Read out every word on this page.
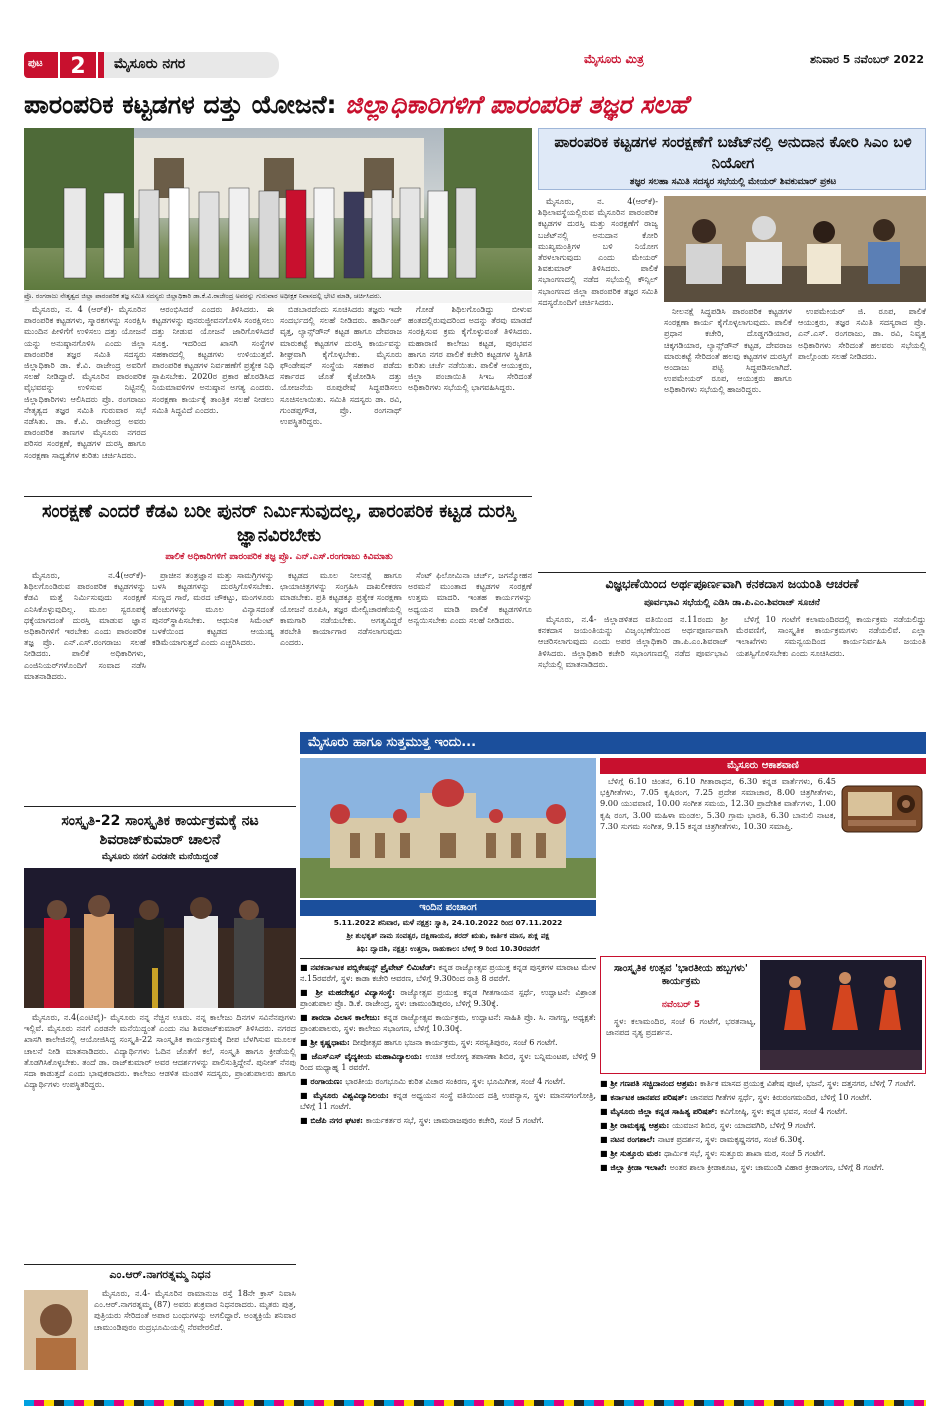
ಪುಟ	2	ಮೈಸೂರು ನಗರ	ಮೈಸೂರು ಮಿತ್ರ	ಶನಿವಾರ 5 ನವೆಂಬರ್ 2022
ಪಾರಂಪರಿಕ ಕಟ್ಟಡಗಳ ದತ್ತು ಯೋಜನೆ: ಜಿಲ್ಲಾಧಿಕಾರಿಗಳಿಗೆ ಪಾರಂಪರಿಕ ತಜ್ಞರ ಸಲಹೆ
ಪ್ರೊ. ರಂಗರಾಜು ನೇತೃತ್ವದ ಜಿಲ್ಲಾ ಪಾರಂಪರಿಕ ತಜ್ಞ ಸಮಿತಿ ಸದಸ್ಯರು ಜಿಲ್ಲಾಧಿಕಾರಿ ಡಾ.ಕೆ.ವಿ.ರಾಜೇಂದ್ರ ಅವರನ್ನು ಗುರುವಾರ ಅಧೀಕ್ಷಕ ನಿವಾಸದಲ್ಲಿ ಭೇಟಿ ಮಾಡಿ, ಚರ್ಚಿಸಿದರು.

ಮೈಸೂರು, ನ. 4 (ಆರ್‌ಕೆ)- ಮೈಸೂರಿನ ಪಾರಂಪರಿಕ ಕಟ್ಟಡಗಳು, ಸ್ಮಾರಕಗಳನ್ನು ಸಂರಕ್ಷಿಸಿ ಮುಂದಿನ ಪೀಳಿಗೆಗೆ ಉಳಿಸಲು ದತ್ತು ಯೋಜನೆ ಯನ್ನು ಅನುಷ್ಠಾನಗೊಳಿಸಿ ಎಂದು ಜಿಲ್ಲಾ ಪಾರಂಪರಿಕ ತಜ್ಞರ ಸಮಿತಿ ಸದಸ್ಯರು ಜಿಲ್ಲಾಧಿಕಾರಿ ಡಾ. ಕೆ.ವಿ. ರಾಜೇಂದ್ರ ಅವರಿಗೆ ಸಲಹೆ ನೀಡಿದ್ದಾರೆ. ಮೈಸೂರಿನ ಪಾರಂಪರಿಕ ವೈಭವವನ್ನು ಉಳಿಸುವ ನಿಟ್ಟಿನಲ್ಲಿ ಜಿಲ್ಲಾಧಿಕಾರಿಗಳು ಆಲಿಸಿದರು ಪ್ರೊ. ರಂಗರಾಜು ನೇತೃತ್ವದ ತಜ್ಞರ ಸಮಿತಿ ಗುರುವಾರ ಸಭೆ ನಡೆಸಿತು. ಡಾ. ಕೆ.ವಿ. ರಾಜೇಂದ್ರ ಅವರು ಪಾರಂಪರಿಕ ತಾಣಗಳ ಮೈಸೂರು ನಗರದ ಪರಿಸರ ಸಂರಕ್ಷಣೆ, ಕಟ್ಟಡಗಳ ದುರಸ್ತಿ ಹಾಗೂ ಸಂರಕ್ಷಣಾ ಸಾಧ್ಯತೆಗಳ ಕುರಿತು ಚರ್ಚಿಸಿದರು.

ಆರಂಭಿಸಿದರೆ ಎಂದರು ತಿಳಿಸಿದರು. ಈ ಕಟ್ಟಡಗಳನ್ನು ಪುನರುಜ್ಜೀವನಗೊಳಿಸಿ ಸಂರಕ್ಷಿಸಲು ದತ್ತು ನೀಡುವ ಯೋಜನೆ ಜಾರಿಗೊಳಿಸಿದರೆ ಸೂಕ್ತ. ಇದರಿಂದ ಖಾಸಗಿ ಸಂಸ್ಥೆಗಳ ಸಹಕಾರದಲ್ಲಿ ಕಟ್ಟಡಗಳು ಉಳಿಯುತ್ತವೆ. ಪಾರಂಪರಿಕ ಕಟ್ಟಡಗಳ ನಿರ್ವಹಣೆಗೆ ಪ್ರತ್ಯೇಕ ನಿಧಿ ಸ್ಥಾಪಿಸಬೇಕು. 2020ರ ಪ್ರಕಾರ ಹೊರಡಿಸಿದ ನಿಯಮಾವಳಿಗಳ ಅನುಷ್ಠಾನ ಅಗತ್ಯ ಎಂದರು. ಸಂರಕ್ಷಣಾ ಕಾರ್ಯಕ್ಕೆ ತಾಂತ್ರಿಕ ಸಲಹೆ ನೀಡಲು ಸಮಿತಿ ಸಿದ್ಧವಿದೆ ಎಂದರು.

ಬಿಡಬಾರದೆಂದು ಸೂಚಿಸಿದರು ತಜ್ಞರು ಇದೇ ಸಂದರ್ಭದಲ್ಲಿ ಸಲಹೆ ನೀಡಿದರು. ಹಾರ್ಡಿಂಜ್ ವೃತ್ತ, ಲ್ಯಾನ್ಸ್‌ಡೌನ್ ಕಟ್ಟಡ ಹಾಗೂ ದೇವರಾಜ ಮಾರುಕಟ್ಟೆ ಕಟ್ಟಡಗಳ ದುರಸ್ತಿ ಕಾರ್ಯವನ್ನು ಶೀಘ್ರವಾಗಿ ಕೈಗೊಳ್ಳಬೇಕು. ಮೈಸೂರು ಫೌಂಡೇಷನ್ ಸಂಸ್ಥೆಯ ಸಹಕಾರ ಪಡೆದು ಸರ್ಕಾರದ ಜೊತೆ ಕೈಜೋಡಿಸಿ ದತ್ತು ಯೋಜನೆಯ ರೂಪುರೇಷೆ ಸಿದ್ಧಪಡಿಸಲು ಸೂಚಿಸಲಾಯಿತು. ಸಮಿತಿ ಸದಸ್ಯರು ಡಾ. ರವಿ, ಗುಂಡಪ್ಪಗೌಡ, ಪ್ರೊ. ರಂಗನಾಥ್ ಉಪಸ್ಥಿತರಿದ್ದರು.

ಗೋಡೆ ಶಿಥಿಲಗೊಂಡಿದ್ದು ಬೀಳುವ ಹಂತದಲ್ಲಿರುವುದರಿಂದ ಅದನ್ನು ತೆರವು ಮಾಡದೆ ಸಂರಕ್ಷಿಸುವ ಕ್ರಮ ಕೈಗೊಳ್ಳುವಂತೆ ತಿಳಿಸಿದರು. ಮಹಾರಾಣಿ ಕಾಲೇಜು ಕಟ್ಟಡ, ಪುರಭವನ ಹಾಗೂ ನಗರ ಪಾಲಿಕೆ ಕಚೇರಿ ಕಟ್ಟಡಗಳ ಸ್ಥಿತಿಗತಿ ಕುರಿತು ಚರ್ಚೆ ನಡೆಯಿತು. ಪಾಲಿಕೆ ಆಯುಕ್ತರು, ಜಿಲ್ಲಾ ಪಂಚಾಯಿತಿ ಸಿಇಒ ಸೇರಿದಂತೆ ಅಧಿಕಾರಿಗಳು ಸಭೆಯಲ್ಲಿ ಭಾಗವಹಿಸಿದ್ದರು.

ಪಾರಂಪರಿಕ ಕಟ್ಟಡಗಳ ಸಂರಕ್ಷಣೆಗೆ ಬಜೆಟ್‌ನಲ್ಲಿ ಅನುದಾನ ಕೋರಿ ಸಿಎಂ ಬಳಿ ನಿಯೋಗ
ತಜ್ಞರ ಸಲಹಾ ಸಮಿತಿ ಸದಸ್ಯರ ಸಭೆಯಲ್ಲಿ ಮೇಯರ್ ಶಿವಕುಮಾರ್ ಪ್ರಕಟ

ಮೈಸೂರು, ನ. 4(ಆರ್‌ಕೆ)- ಶಿಥಿಲಾವಸ್ಥೆಯಲ್ಲಿರುವ ಮೈಸೂರಿನ ಪಾರಂಪರಿಕ ಕಟ್ಟಡಗಳ ದುರಸ್ತಿ ಮತ್ತು ಸಂರಕ್ಷಣೆಗೆ ರಾಜ್ಯ ಬಜೆಟ್‌ನಲ್ಲಿ ಅನುದಾನ ಕೋರಿ ಮುಖ್ಯಮಂತ್ರಿಗಳ ಬಳಿ ನಿಯೋಗ ತೆರಳಲಾಗುವುದು ಎಂದು ಮೇಯರ್ ಶಿವಕುಮಾರ್ ತಿಳಿಸಿದರು. ಪಾಲಿಕೆ ಸಭಾಂಗಣದಲ್ಲಿ ನಡೆದ ಸಭೆಯಲ್ಲಿ ಕೌನ್ಸಿಲ್ ಸಭಾಂಗಣದ ಜಿಲ್ಲಾ ಪಾರಂಪರಿಕ ತಜ್ಞರ ಸಮಿತಿ ಸದಸ್ಯರೊಂದಿಗೆ ಚರ್ಚಿಸಿದರು.

ನೀಲನಕ್ಷೆ ಸಿದ್ಧಪಡಿಸಿ ಪಾರಂಪರಿಕ ಕಟ್ಟಡಗಳ ಸಂರಕ್ಷಣಾ ಕಾರ್ಯ ಕೈಗೊಳ್ಳಲಾಗುವುದು. ಪಾಲಿಕೆ ಪ್ರಧಾನ ಕಚೇರಿ, ದೊಡ್ಡಗಡಿಯಾರ, ಚಿಕ್ಕಗಡಿಯಾರ, ಲ್ಯಾನ್ಸ್‌ಡೌನ್ ಕಟ್ಟಡ, ದೇವರಾಜ ಮಾರುಕಟ್ಟೆ ಸೇರಿದಂತೆ ಹಲವು ಕಟ್ಟಡಗಳ ದುರಸ್ತಿಗೆ ಅಂದಾಜು ಪಟ್ಟಿ ಸಿದ್ಧಪಡಿಸಲಾಗಿದೆ. ಉಪಮೇಯರ್ ರೂಪ, ಆಯುಕ್ತರು ಹಾಗೂ ಅಧಿಕಾರಿಗಳು ಸಭೆಯಲ್ಲಿ ಹಾಜರಿದ್ದರು.

ಉಪಮೇಯರ್ ಜಿ. ರೂಪ, ಪಾಲಿಕೆ ಆಯುಕ್ತರು, ತಜ್ಞರ ಸಮಿತಿ ಸದಸ್ಯರಾದ ಪ್ರೊ. ಎನ್.ಎಸ್. ರಂಗರಾಜು, ಡಾ. ರವಿ, ನಿವೃತ್ತ ಅಧಿಕಾರಿಗಳು ಸೇರಿದಂತೆ ಹಲವರು ಸಭೆಯಲ್ಲಿ ಪಾಲ್ಗೊಂಡು ಸಲಹೆ ನೀಡಿದರು.

ಸಂರಕ್ಷಣೆ ಎಂದರೆ ಕೆಡವಿ ಬರೀ ಪುನರ್ ನಿರ್ಮಿಸುವುದಲ್ಲ, ಪಾರಂಪರಿಕ ಕಟ್ಟಡ ದುರಸ್ತಿ ಜ್ಞಾನವಿರಬೇಕು
ಪಾಲಿಕೆ ಅಧಿಕಾರಿಗಳಿಗೆ ಪಾರಂಪರಿಕ ತಜ್ಞ ಪ್ರೊ. ಎನ್.ಎಸ್.ರಂಗರಾಜು ಕಿವಿಮಾತು

ಮೈಸೂರು, ನ.4(ಆರ್‌ಕೆ)- ಶಿಥಿಲಗೊಂಡಿರುವ ಪಾರಂಪರಿಕ ಕಟ್ಟಡಗಳನ್ನು ಕೆಡವಿ ಮತ್ತೆ ನಿರ್ಮಿಸುವುದು ಸಂರಕ್ಷಣೆ ಎನಿಸಿಕೊಳ್ಳುವುದಿಲ್ಲ. ಮೂಲ ಸ್ವರೂಪಕ್ಕೆ ಧಕ್ಕೆಯಾಗದಂತೆ ದುರಸ್ತಿ ಮಾಡುವ ಜ್ಞಾನ ಅಧಿಕಾರಿಗಳಿಗೆ ಇರಬೇಕು ಎಂದು ಪಾರಂಪರಿಕ ತಜ್ಞ ಪ್ರೊ. ಎನ್.ಎಸ್.ರಂಗರಾಜು ಸಲಹೆ ನೀಡಿದರು. ಪಾಲಿಕೆ ಅಧಿಕಾರಿಗಳು, ಎಂಜಿನಿಯರ್‌ಗಳೊಂದಿಗೆ ಸಂವಾದ ನಡೆಸಿ ಮಾತನಾಡಿದರು.

ಪ್ರಾಚೀನ ತಂತ್ರಜ್ಞಾನ ಮತ್ತು ಸಾಮಗ್ರಿಗಳನ್ನು ಬಳಸಿ ಕಟ್ಟಡಗಳನ್ನು ದುರಸ್ತಿಗೊಳಿಸಬೇಕು. ಸುಣ್ಣದ ಗಾರೆ, ಮರದ ಚೌಕಟ್ಟು, ಮಂಗಳೂರು ಹೆಂಚುಗಳನ್ನು ಮೂಲ ವಿನ್ಯಾಸದಂತೆ ಪುನರ್‌ಸ್ಥಾಪಿಸಬೇಕು. ಆಧುನಿಕ ಸಿಮೆಂಟ್ ಬಳಕೆಯಿಂದ ಕಟ್ಟಡದ ಆಯುಷ್ಯ ಕಡಿಮೆಯಾಗುತ್ತದೆ ಎಂದು ಎಚ್ಚರಿಸಿದರು.

ಕಟ್ಟಡದ ಮೂಲ ನೀಲನಕ್ಷೆ ಹಾಗೂ ಛಾಯಾಚಿತ್ರಗಳನ್ನು ಸಂಗ್ರಹಿಸಿ ದಾಖಲೀಕರಣ ಮಾಡಬೇಕು. ಪ್ರತಿ ಕಟ್ಟಡಕ್ಕೂ ಪ್ರತ್ಯೇಕ ಸಂರಕ್ಷಣಾ ಯೋಜನೆ ರೂಪಿಸಿ, ತಜ್ಞರ ಮೇಲ್ವಿಚಾರಣೆಯಲ್ಲಿ ಕಾಮಗಾರಿ ನಡೆಯಬೇಕು. ಅಗತ್ಯವಿದ್ದರೆ ತರಬೇತಿ ಕಾರ್ಯಾಗಾರ ನಡೆಸಲಾಗುವುದು ಎಂದರು.

ಸೆಂಟ್ ಫಿಲೋಮಿನಾ ಚರ್ಚ್, ಜಗನ್ಮೋಹನ ಅರಮನೆ ಮುಂತಾದ ಕಟ್ಟಡಗಳ ಸಂರಕ್ಷಣೆ ಉತ್ತಮ ಮಾದರಿ. ಇಂತಹ ಕಾರ್ಯಗಳನ್ನು ಅಧ್ಯಯನ ಮಾಡಿ ಪಾಲಿಕೆ ಕಟ್ಟಡಗಳಿಗೂ ಅನ್ವಯಿಸಬೇಕು ಎಂದು ಸಲಹೆ ನೀಡಿದರು.

ವಿಜ್ಞಭಣೆಯಿಂದ ಅರ್ಥಪೂರ್ಣವಾಗಿ ಕನಕದಾಸ ಜಯಂತಿ ಆಚರಣೆ
ಪೂರ್ವಭಾವಿ ಸಭೆಯಲ್ಲಿ ಎಡಿಸಿ ಡಾ.ಪಿ.ಎಂ.ಶಿವರಾಜ್ ಸೂಚನೆ

ಮೈಸೂರು, ನ.4- ಜಿಲ್ಲಾಡಳಿತದ ವತಿಯಿಂದ ನ.11ರಂದು ಶ್ರೀ ಕನಕದಾಸ ಜಯಂತಿಯನ್ನು ವಿಜೃಂಭಣೆಯಿಂದ ಅರ್ಥಪೂರ್ಣವಾಗಿ ಆಚರಿಸಲಾಗುವುದು ಎಂದು ಅಪರ ಜಿಲ್ಲಾಧಿಕಾರಿ ಡಾ.ಪಿ.ಎಂ.ಶಿವರಾಜ್ ತಿಳಿಸಿದರು. ಜಿಲ್ಲಾಧಿಕಾರಿ ಕಚೇರಿ ಸಭಾಂಗಣದಲ್ಲಿ ನಡೆದ ಪೂರ್ವಭಾವಿ ಸಭೆಯಲ್ಲಿ ಮಾತನಾಡಿದರು.

ಬೆಳಿಗ್ಗೆ 10 ಗಂಟೆಗೆ ಕಲಾಮಂದಿರದಲ್ಲಿ ಕಾರ್ಯಕ್ರಮ ನಡೆಯಲಿದ್ದು ಮೆರವಣಿಗೆ, ಸಾಂಸ್ಕೃತಿಕ ಕಾರ್ಯಕ್ರಮಗಳು ನಡೆಯಲಿವೆ. ಎಲ್ಲಾ ಇಲಾಖೆಗಳು ಸಮನ್ವಯದಿಂದ ಕಾರ್ಯನಿರ್ವಹಿಸಿ ಜಯಂತಿ ಯಶಸ್ವಿಗೊಳಿಸಬೇಕು ಎಂದು ಸೂಚಿಸಿದರು.

ಸಂಸ್ಕೃತಿ-22 ಸಾಂಸ್ಕೃತಿಕ ಕಾರ್ಯಕ್ರಮಕ್ಕೆ ನಟ ಶಿವರಾಜ್‌ಕುಮಾರ್ ಚಾಲನೆ
ಮೈಸೂರು ನನಗೆ ಎರಡನೇ ಮನೆಯಿದ್ದಂತೆ

ಮೈಸೂರು, ನ.4(ಎಂಟಿವೈ)- ಮೈಸೂರು ನನ್ನ ನೆಚ್ಚಿನ ಊರು. ನನ್ನ ಕಾಲೇಜು ದಿನಗಳ ಸವಿನೆನಪುಗಳು ಇಲ್ಲಿವೆ. ಮೈಸೂರು ನನಗೆ ಎರಡನೇ ಮನೆಯಿದ್ದಂತೆ ಎಂದು ನಟ ಶಿವರಾಜ್‌ಕುಮಾರ್ ತಿಳಿಸಿದರು. ನಗರದ ಖಾಸಗಿ ಕಾಲೇಜಿನಲ್ಲಿ ಆಯೋಜಿಸಿದ್ದ ಸಂಸ್ಕೃತಿ-22 ಸಾಂಸ್ಕೃತಿಕ ಕಾರ್ಯಕ್ರಮಕ್ಕೆ ದೀಪ ಬೆಳಗಿಸುವ ಮೂಲಕ ಚಾಲನೆ ನೀಡಿ ಮಾತನಾಡಿದರು. ವಿದ್ಯಾರ್ಥಿಗಳು ಓದಿನ ಜೊತೆಗೆ ಕಲೆ, ಸಂಸ್ಕೃತಿ ಹಾಗೂ ಕ್ರೀಡೆಯಲ್ಲಿ ತೊಡಗಿಸಿಕೊಳ್ಳಬೇಕು. ತಂದೆ ಡಾ. ರಾಜ್‌ಕುಮಾರ್ ಅವರ ಆದರ್ಶಗಳನ್ನು ಪಾಲಿಸುತ್ತಿದ್ದೇನೆ. ಪುನೀತ್ ನೆನಪು ಸದಾ ಕಾಡುತ್ತದೆ ಎಂದು ಭಾವುಕರಾದರು. ಕಾಲೇಜು ಆಡಳಿತ ಮಂಡಳಿ ಸದಸ್ಯರು, ಪ್ರಾಂಶುಪಾಲರು ಹಾಗೂ ವಿದ್ಯಾರ್ಥಿಗಳು ಉಪಸ್ಥಿತರಿದ್ದರು.

ಎಂ.ಆರ್.ನಾಗರತ್ನಮ್ಮ ನಿಧನ

ಮೈಸೂರು, ನ.4- ಮೈಸೂರಿನ ರಾಮಾನುಜ ರಸ್ತೆ 18ನೇ ಕ್ರಾಸ್ ನಿವಾಸಿ ಎಂ.ಆರ್.ನಾಗರತ್ನಮ್ಮ (87) ಅವರು ಶುಕ್ರವಾರ ನಿಧನರಾದರು. ಮೃತರು ಪುತ್ರ, ಪುತ್ರಿಯರು ಸೇರಿದಂತೆ ಅಪಾರ ಬಂಧುಗಳನ್ನು ಅಗಲಿದ್ದಾರೆ. ಅಂತ್ಯಕ್ರಿಯೆ ಶನಿವಾರ ಚಾಮುಂಡಿಪುರಂ ರುದ್ರಭೂಮಿಯಲ್ಲಿ ನೆರವೇರಲಿದೆ.

ಮೈಸೂರು ಹಾಗೂ ಸುತ್ತಮುತ್ತ ಇಂದು...
ಇಂದಿನ ಪಂಚಾಂಗ
5.11.2022 ಶನಿವಾರ, ಮಳೆ ನಕ್ಷತ್ರ: ಸ್ವಾತಿ, 24.10.2022 ರಿಂದ 07.11.2022
ಶ್ರೀ ಶುಭಕೃತ್ ನಾಮ ಸಂವತ್ಸರ, ದಕ್ಷಿಣಾಯನ, ಶರದ್ ಋತು, ಕಾರ್ತಿಕ ಮಾಸ, ಶುಕ್ಲ ಪಕ್ಷ
ತಿಥಿ: ದ್ವಾದಶಿ, ನಕ್ಷತ್ರ: ಉತ್ತರಾ, ರಾಹುಕಾಲ: ಬೆಳಿಗ್ಗೆ 9 ರಿಂದ 10.30ರವರೆಗೆ

■ ನವಕರ್ನಾಟಕ ಪಬ್ಲಿಕೇಷನ್ಸ್ ಪ್ರೈವೇಟ್ ಲಿಮಿಟೆಡ್: ಕನ್ನಡ ರಾಜ್ಯೋತ್ಸವ ಪ್ರಯುಕ್ತ ಕನ್ನಡ ಪುಸ್ತಕಗಳ ಮಾರಾಟ ಮೇಳ ನ.15ರವರೆಗೆ, ಸ್ಥಳ: ಕಾಡಾ ಕಚೇರಿ ಆವರಣ, ಬೆಳಿಗ್ಗೆ 9.30ರಿಂದ ರಾತ್ರಿ 8 ರವರೆಗೆ.

■ ಶ್ರೀ ಮಹದೇಶ್ವರ ವಿದ್ಯಾಸಂಸ್ಥೆ: ರಾಜ್ಯೋತ್ಸವ ಪ್ರಯುಕ್ತ ಕನ್ನಡ ಗೀತಗಾಯನ ಸ್ಪರ್ಧೆ, ಉದ್ಘಾಟನೆ: ವಿಶ್ರಾಂತ ಪ್ರಾಂಶುಪಾಲ ಪ್ರೊ. ಡಿ.ಕೆ. ರಾಜೇಂದ್ರ, ಸ್ಥಳ: ಚಾಮುಂಡಿಪುರಂ, ಬೆಳಿಗ್ಗೆ 9.30ಕ್ಕೆ.

■ ಶಾರದಾ ವಿಲಾಸ ಕಾಲೇಜು: ಕನ್ನಡ ರಾಜ್ಯೋತ್ಸವ ಕಾರ್ಯಕ್ರಮ, ಉದ್ಘಾಟನೆ: ಸಾಹಿತಿ ಪ್ರೊ. ಸಿ. ನಾಗಣ್ಣ, ಅಧ್ಯಕ್ಷತೆ: ಪ್ರಾಂಶುಪಾಲರು, ಸ್ಥಳ: ಕಾಲೇಜು ಸಭಾಂಗಣ, ಬೆಳಿಗ್ಗೆ 10.30ಕ್ಕೆ.

■ ಶ್ರೀ ಕೃಷ್ಣಧಾಮ: ದೀಪೋತ್ಸವ ಹಾಗೂ ಭಜನಾ ಕಾರ್ಯಕ್ರಮ, ಸ್ಥಳ: ಸರಸ್ವತಿಪುರಂ, ಸಂಜೆ 6 ಗಂಟೆಗೆ.

■ ಜೆಎಸ್‌ಎಸ್ ವೈದ್ಯಕೀಯ ಮಹಾವಿದ್ಯಾಲಯ: ಉಚಿತ ಆರೋಗ್ಯ ತಪಾಸಣಾ ಶಿಬಿರ, ಸ್ಥಳ: ಬನ್ನಿಮಂಟಪ, ಬೆಳಿಗ್ಗೆ 9 ರಿಂದ ಮಧ್ಯಾಹ್ನ 1 ರವರೆಗೆ.

■ ರಂಗಾಯಣ: ಭಾರತೀಯ ರಂಗಭೂಮಿ ಕುರಿತ ವಿಚಾರ ಸಂಕಿರಣ, ಸ್ಥಳ: ಭೂಮಿಗೀತ, ಸಂಜೆ 4 ಗಂಟೆಗೆ.

■ ಮೈಸೂರು ವಿಶ್ವವಿದ್ಯಾನಿಲಯ: ಕನ್ನಡ ಅಧ್ಯಯನ ಸಂಸ್ಥೆ ವತಿಯಿಂದ ದತ್ತಿ ಉಪನ್ಯಾಸ, ಸ್ಥಳ: ಮಾನಸಗಂಗೋತ್ರಿ, ಬೆಳಿಗ್ಗೆ 11 ಗಂಟೆಗೆ.

■ ಬಿಜೆಪಿ ನಗರ ಘಟಕ: ಕಾರ್ಯಕರ್ತರ ಸಭೆ, ಸ್ಥಳ: ಚಾಮರಾಜಪುರಂ ಕಚೇರಿ, ಸಂಜೆ 5 ಗಂಟೆಗೆ.

ಮೈಸೂರು ಆಕಾಶವಾಣಿ

ಬೆಳಿಗ್ಗೆ 6.10 ಚಿಂತನ, 6.10 ಗೀತಾರಾಧನ, 6.30 ಕನ್ನಡ ವಾರ್ತೆಗಳು, 6.45 ಭಕ್ತಿಗೀತೆಗಳು, 7.05 ಕೃಷಿರಂಗ, 7.25 ಪ್ರದೇಶ ಸಮಾಚಾರ, 8.00 ಚಿತ್ರಗೀತೆಗಳು, 9.00 ಯುವವಾಣಿ, 10.00 ಸಂಗೀತ ಸಮಯ, 12.30 ಪ್ರಾದೇಶಿಕ ವಾರ್ತೆಗಳು, 1.00 ಕೃಷಿ ರಂಗ, 3.00 ಮಹಿಳಾ ಮಂಡಲ, 5.30 ಗ್ರಾಮ ಭಾರತಿ, 6.30 ಬಾನುಲಿ ನಾಟಕ, 7.30 ಸುಗಮ ಸಂಗೀತ, 9.15 ಕನ್ನಡ ಚಿತ್ರಗೀತೆಗಳು, 10.30 ಸಮಾಪ್ತಿ.

ಸಾಂಸ್ಕೃತಿಕ ಉತ್ಸವ 'ಭಾರತೀಯ ಹಬ್ಬಗಳು' ಕಾರ್ಯಕ್ರಮ
ನವೆಂಬರ್ 5

ಸ್ಥಳ: ಕಲಾಮಂದಿರ, ಸಂಜೆ 6 ಗಂಟೆಗೆ, ಭರತನಾಟ್ಯ, ಜಾನಪದ ನೃತ್ಯ ಪ್ರದರ್ಶನ.

■ ಶ್ರೀ ಗಣಪತಿ ಸಚ್ಚಿದಾನಂದ ಆಶ್ರಮ: ಕಾರ್ತಿಕ ಮಾಸದ ಪ್ರಯುಕ್ತ ವಿಶೇಷ ಪೂಜೆ, ಭಜನೆ, ಸ್ಥಳ: ದತ್ತನಗರ, ಬೆಳಿಗ್ಗೆ 7 ಗಂಟೆಗೆ.

■ ಕರ್ನಾಟಕ ಜಾನಪದ ಪರಿಷತ್: ಜಾನಪದ ಗೀತೆಗಳ ಸ್ಪರ್ಧೆ, ಸ್ಥಳ: ಕಿರುರಂಗಮಂದಿರ, ಬೆಳಿಗ್ಗೆ 10 ಗಂಟೆಗೆ.

■ ಮೈಸೂರು ಜಿಲ್ಲಾ ಕನ್ನಡ ಸಾಹಿತ್ಯ ಪರಿಷತ್: ಕವಿಗೋಷ್ಠಿ, ಸ್ಥಳ: ಕನ್ನಡ ಭವನ, ಸಂಜೆ 4 ಗಂಟೆಗೆ.

■ ಶ್ರೀ ರಾಮಕೃಷ್ಣ ಆಶ್ರಮ: ಯುವಜನ ಶಿಬಿರ, ಸ್ಥಳ: ಯಾದವಗಿರಿ, ಬೆಳಿಗ್ಗೆ 9 ಗಂಟೆಗೆ.

■ ನಟನ ರಂಗಶಾಲೆ: ನಾಟಕ ಪ್ರದರ್ಶನ, ಸ್ಥಳ: ರಾಮಕೃಷ್ಣನಗರ, ಸಂಜೆ 6.30ಕ್ಕೆ.

■ ಶ್ರೀ ಸುತ್ತೂರು ಮಠ: ಧಾರ್ಮಿಕ ಸಭೆ, ಸ್ಥಳ: ಸುತ್ತೂರು ಶಾಖಾ ಮಠ, ಸಂಜೆ 5 ಗಂಟೆಗೆ.

■ ಜಿಲ್ಲಾ ಕ್ರೀಡಾ ಇಲಾಖೆ: ಅಂತರ ಶಾಲಾ ಕ್ರೀಡಾಕೂಟ, ಸ್ಥಳ: ಚಾಮುಂಡಿ ವಿಹಾರ ಕ್ರೀಡಾಂಗಣ, ಬೆಳಿಗ್ಗೆ 8 ಗಂಟೆಗೆ.
